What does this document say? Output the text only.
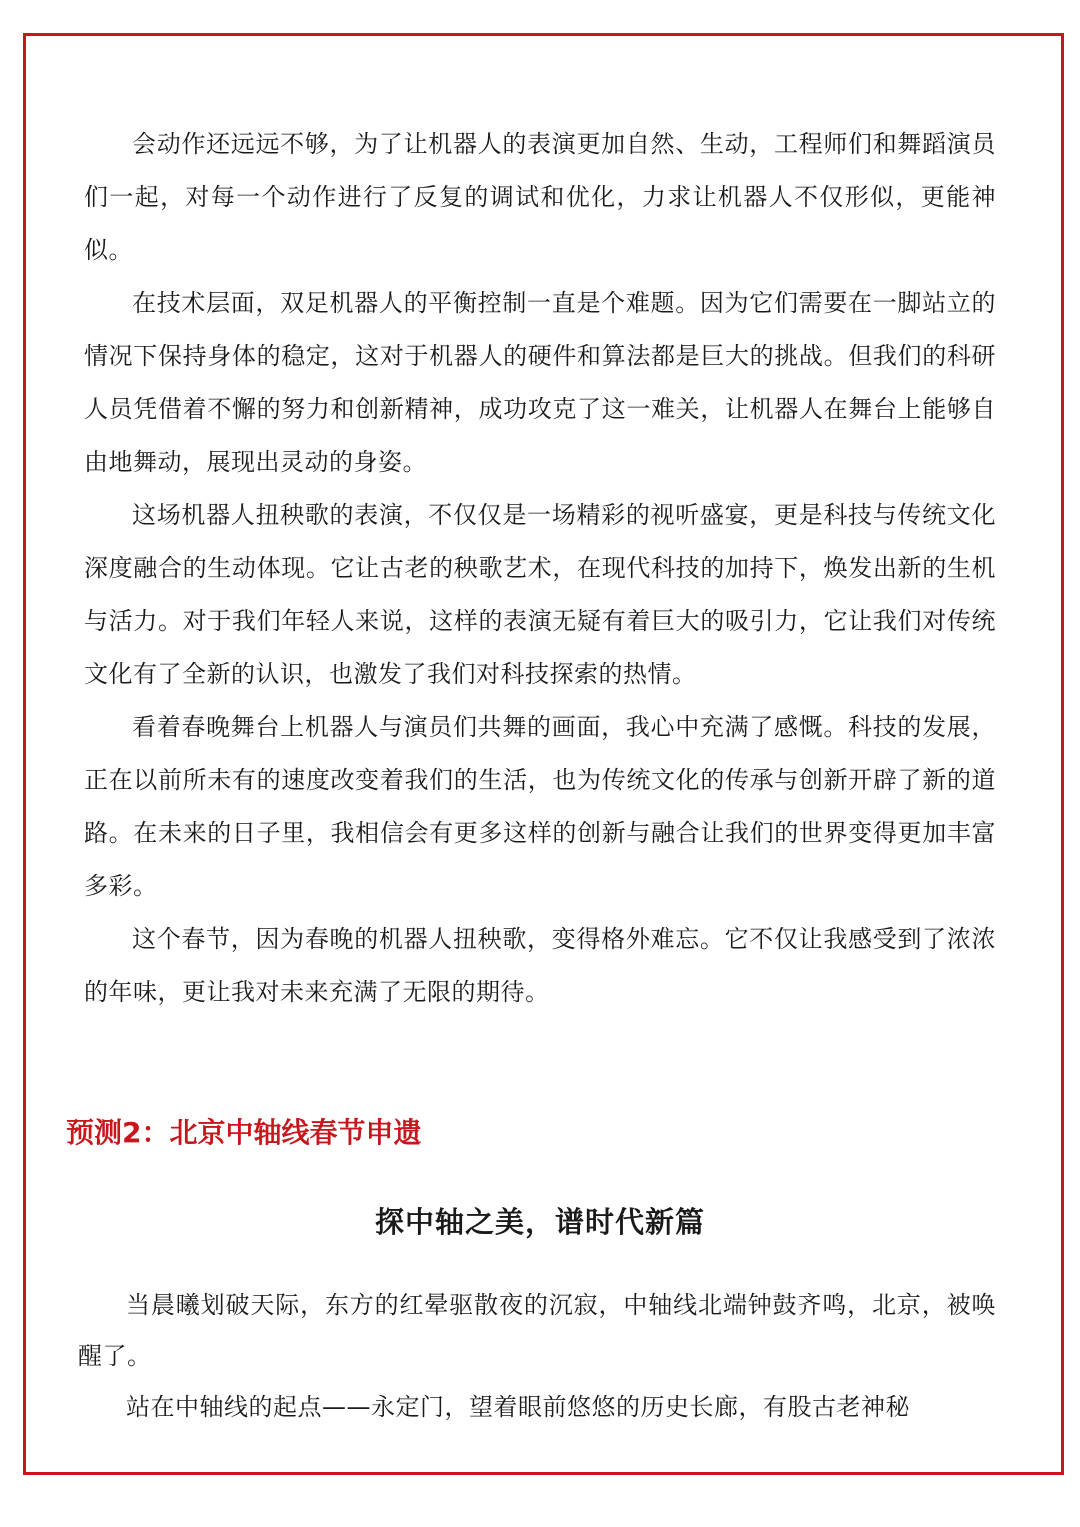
会动作还远远不够，为了让机器人的表演更加自然、生动，工程师们和舞蹈演员们一起，对每一个动作进行了反复的调试和优化，力求让机器人不仅形似，更能神似。

在技术层面，双足机器人的平衡控制一直是个难题。因为它们需要在一脚站立的情况下保持身体的稳定，这对于机器人的硬件和算法都是巨大的挑战。但我们的科研人员凭借着不懈的努力和创新精神，成功攻克了这一难关，让机器人在舞台上能够自由地舞动，展现出灵动的身姿。

这场机器人扭秧歌的表演，不仅仅是一场精彩的视听盛宴，更是科技与传统文化深度融合的生动体现。它让古老的秧歌艺术，在现代科技的加持下，焕发出新的生机与活力。对于我们年轻人来说，这样的表演无疑有着巨大的吸引力，它让我们对传统文化有了全新的认识，也激发了我们对科技探索的热情。

看着春晚舞台上机器人与演员们共舞的画面，我心中充满了感慨。科技的发展，正在以前所未有的速度改变着我们的生活，也为传统文化的传承与创新开辟了新的道路。在未来的日子里，我相信会有更多这样的创新与融合让我们的世界变得更加丰富多彩。

这个春节，因为春晚的机器人扭秧歌，变得格外难忘。它不仅让我感受到了浓浓的年味，更让我对未来充满了无限的期待。

预测2：北京中轴线春节申遗
探中轴之美，谱时代新篇

当晨曦划破天际，东方的红晕驱散夜的沉寂，中轴线北端钟鼓齐鸣，北京，被唤醒了。

站在中轴线的起点——永定门，望着眼前悠悠的历史长廊，有股古老神秘
